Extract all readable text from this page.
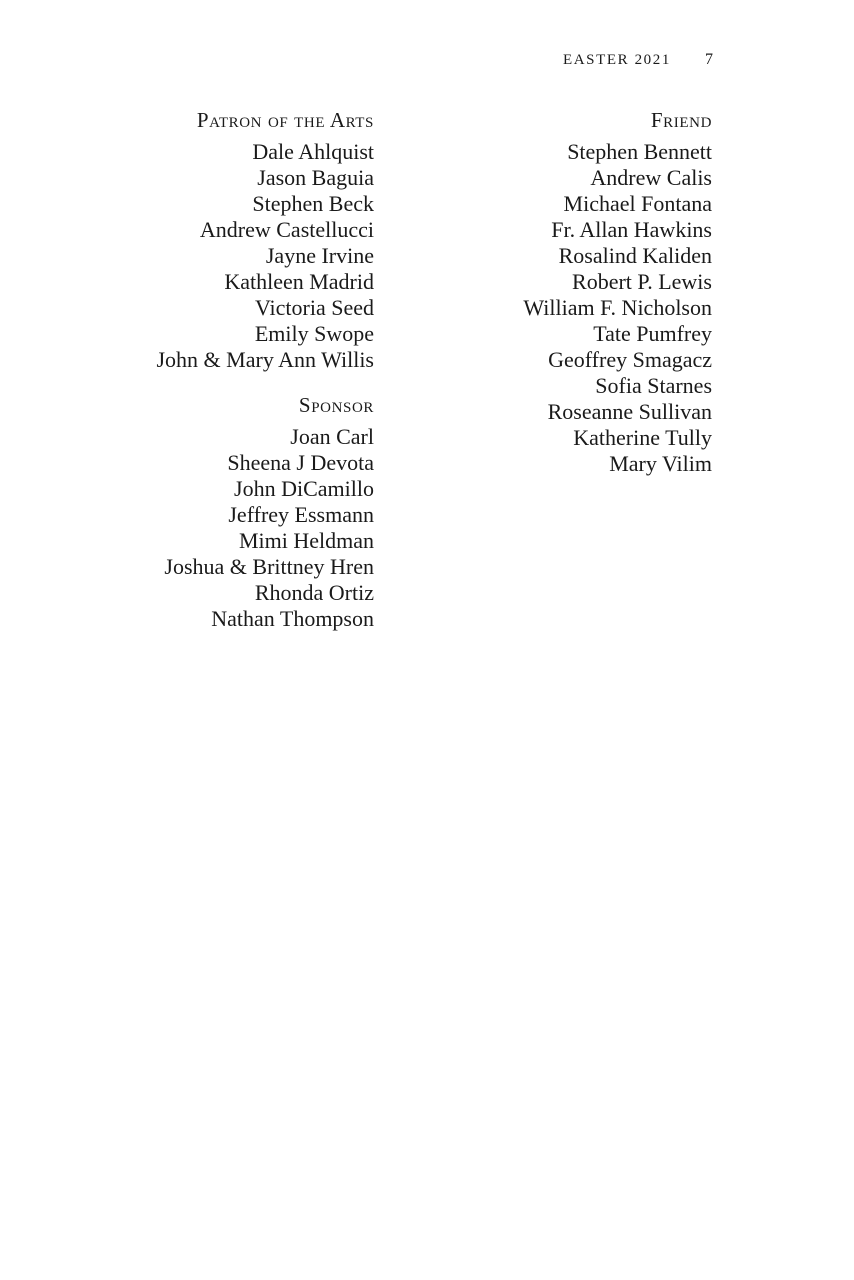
EASTER 2021 7
Patron of the Arts
Dale Ahlquist
Jason Baguia
Stephen Beck
Andrew Castellucci
Jayne Irvine
Kathleen Madrid
Victoria Seed
Emily Swope
John & Mary Ann Willis
Sponsor
Joan Carl
Sheena J Devota
John DiCamillo
Jeffrey Essmann
Mimi Heldman
Joshua & Brittney Hren
Rhonda Ortiz
Nathan Thompson
Friend
Stephen Bennett
Andrew Calis
Michael Fontana
Fr. Allan Hawkins
Rosalind Kaliden
Robert P. Lewis
William F. Nicholson
Tate Pumfrey
Geoffrey Smagacz
Sofia Starnes
Roseanne Sullivan
Katherine Tully
Mary Vilim
